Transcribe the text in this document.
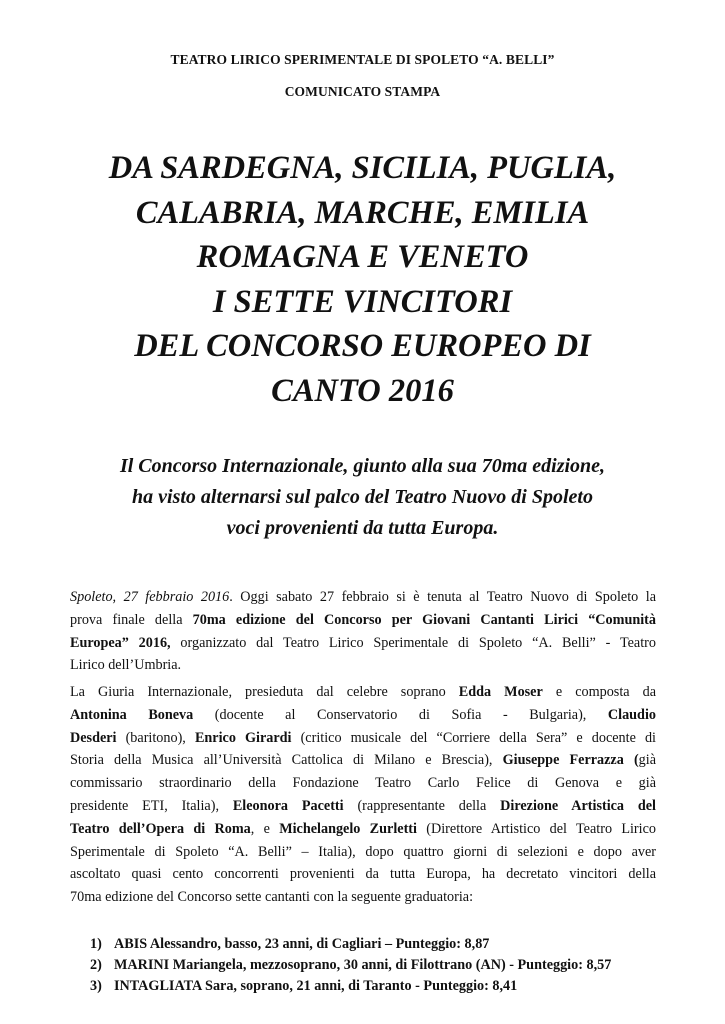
TEATRO LIRICO SPERIMENTALE DI SPOLETO “A. BELLI”
COMUNICATO STAMPA
DA SARDEGNA, SICILIA, PUGLIA,
CALABRIA, MARCHE, EMILIA
ROMAGNA E VENETO
I SETTE VINCITORI
DEL CONCORSO EUROPEO DI
CANTO 2016
Il Concorso Internazionale, giunto alla sua 70ma edizione,
ha visto alternarsi sul palco del Teatro Nuovo di Spoleto
voci provenienti da tutta Europa.
Spoleto, 27 febbraio 2016. Oggi sabato 27 febbraio si è tenuta al Teatro Nuovo di Spoleto la
prova finale della 70ma edizione del Concorso per Giovani Cantanti Lirici “Comunità
Europea” 2016, organizzato dal Teatro Lirico Sperimentale di Spoleto “A. Belli” - Teatro
Lirico dell’Umbria.
La Giuria Internazionale, presieduta dal celebre soprano Edda Moser e composta da
Antonina Boneva (docente al Conservatorio di Sofia - Bulgaria), Claudio
Desderi (baritono), Enrico Girardi (critico musicale del “Corriere della Sera” e docente di
Storia della Musica all’Università Cattolica di Milano e Brescia), Giuseppe Ferrazza (già
commissario straordinario della Fondazione Teatro Carlo Felice di Genova e già
presidente ETI, Italia), Eleonora Pacetti (rappresentante della Direzione Artistica del
Teatro dell’Opera di Roma, e Michelangelo Zurletti (Direttore Artistico del Teatro Lirico
Sperimentale di Spoleto “A. Belli” – Italia), dopo quattro giorni di selezioni e dopo aver
ascoltato quasi cento concorrenti provenienti da tutta Europa, ha decretato vincitori della
70ma edizione del Concorso sette cantanti con la seguente graduatoria:
1) ABIS Alessandro, basso, 23 anni, di Cagliari – Punteggio: 8,87
2) MARINI Mariangela, mezzosoprano, 30 anni, di Filottrano (AN) - Punteggio: 8,57
3) INTAGLIATA Sara, soprano, 21 anni, di Taranto - Punteggio: 8,41
